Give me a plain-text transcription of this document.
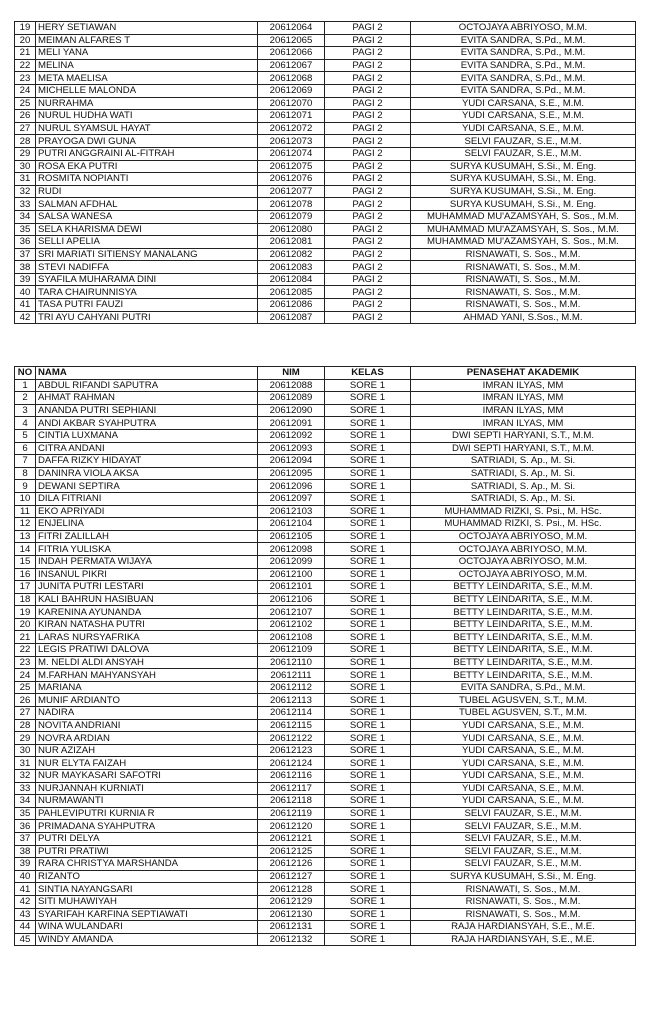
19	HERY SETIAWAN	20612064	PAGI 2	OCTOJAYA ABRIYOSO, M.M.
20	MEIMAN ALFARES T	20612065	PAGI 2	EVITA SANDRA, S.Pd., M.M.
21	MELI YANA	20612066	PAGI 2	EVITA SANDRA, S.Pd., M.M.
22	MELINA	20612067	PAGI 2	EVITA SANDRA, S.Pd., M.M.
23	META MAELISA	20612068	PAGI 2	EVITA SANDRA, S.Pd., M.M.
24	MICHELLE MALONDA	20612069	PAGI 2	EVITA SANDRA, S.Pd., M.M.
25	NURRAHMA	20612070	PAGI 2	YUDI CARSANA, S.E., M.M.
26	NURUL HUDHA WATI	20612071	PAGI 2	YUDI CARSANA, S.E., M.M.
27	NURUL SYAMSUL HAYAT	20612072	PAGI 2	YUDI CARSANA, S.E., M.M.
28	PRAYOGA DWI GUNA	20612073	PAGI 2	SELVI FAUZAR, S.E., M.M.
29	PUTRI ANGGRAINI AL-FITRAH	20612074	PAGI 2	SELVI FAUZAR, S.E., M.M.
30	ROSA EKA PUTRI	20612075	PAGI 2	SURYA KUSUMAH, S.Si., M. Eng.
31	ROSMITA NOPIANTI	20612076	PAGI 2	SURYA KUSUMAH, S.Si., M. Eng.
32	RUDI	20612077	PAGI 2	SURYA KUSUMAH, S.Si., M. Eng.
33	SALMAN AFDHAL	20612078	PAGI 2	SURYA KUSUMAH, S.Si., M. Eng.
34	SALSA WANESA	20612079	PAGI 2	MUHAMMAD MU'AZAMSYAH, S. Sos., M.M.
35	SELA KHARISMA DEWI	20612080	PAGI 2	MUHAMMAD MU'AZAMSYAH, S. Sos., M.M.
36	SELLI APELIA	20612081	PAGI 2	MUHAMMAD MU'AZAMSYAH, S. Sos., M.M.
37	SRI MARIATI SITIENSY MANALANG	20612082	PAGI 2	RISNAWATI, S. Sos., M.M.
38	STEVI NADIFFA	20612083	PAGI 2	RISNAWATI, S. Sos., M.M.
39	SYAFILA MUHARAMA DINI	20612084	PAGI 2	RISNAWATI, S. Sos., M.M.
40	TARA CHAIRUNNISYA	20612085	PAGI 2	RISNAWATI, S. Sos., M.M.
41	TASA PUTRI FAUZI	20612086	PAGI 2	RISNAWATI, S. Sos., M.M.
42	TRI AYU CAHYANI PUTRI	20612087	PAGI 2	AHMAD YANI, S.Sos., M.M.
NO	NAMA	NIM	KELAS	PENASEHAT AKADEMIK
1	ABDUL RIFANDI SAPUTRA	20612088	SORE 1	IMRAN ILYAS, MM
2	AHMAT RAHMAN	20612089	SORE 1	IMRAN ILYAS, MM
3	ANANDA PUTRI SEPHIANI	20612090	SORE 1	IMRAN ILYAS, MM
4	ANDI AKBAR SYAHPUTRA	20612091	SORE 1	IMRAN ILYAS, MM
5	CINTIA LUXMANA	20612092	SORE 1	DWI SEPTI HARYANI, S.T., M.M.
6	CITRA ANDANI	20612093	SORE 1	DWI SEPTI HARYANI, S.T., M.M.
7	DAFFA RIZKY HIDAYAT	20612094	SORE 1	SATRIADI, S. Ap., M. Si.
8	DANINRA VIOLA AKSA	20612095	SORE 1	SATRIADI, S. Ap., M. Si.
9	DEWANI SEPTIRA	20612096	SORE 1	SATRIADI, S. Ap., M. Si.
10	DILA FITRIANI	20612097	SORE 1	SATRIADI, S. Ap., M. Si.
11	EKO APRIYADI	20612103	SORE 1	MUHAMMAD RIZKI, S. Psi., M. HSc.
12	ENJELINA	20612104	SORE 1	MUHAMMAD RIZKI, S. Psi., M. HSc.
13	FITRI ZALILLAH	20612105	SORE 1	OCTOJAYA ABRIYOSO, M.M.
14	FITRIA YULISKA	20612098	SORE 1	OCTOJAYA ABRIYOSO, M.M.
15	INDAH PERMATA WIJAYA	20612099	SORE 1	OCTOJAYA ABRIYOSO, M.M.
16	INSANUL PIKRI	20612100	SORE 1	OCTOJAYA ABRIYOSO, M.M.
17	JUNITA PUTRI LESTARI	20612101	SORE 1	BETTY LEINDARITA, S.E., M.M.
18	KALI BAHRUN HASIBUAN	20612106	SORE 1	BETTY LEINDARITA, S.E., M.M.
19	KARENINA AYUNANDA	20612107	SORE 1	BETTY LEINDARITA, S.E., M.M.
20	KIRAN NATASHA PUTRI	20612102	SORE 1	BETTY LEINDARITA, S.E., M.M.
21	LARAS NURSYAFRIKA	20612108	SORE 1	BETTY LEINDARITA, S.E., M.M.
22	LEGIS PRATIWI DALOVA	20612109	SORE 1	BETTY LEINDARITA, S.E., M.M.
23	M. NELDI ALDI ANSYAH	20612110	SORE 1	BETTY LEINDARITA, S.E., M.M.
24	M.FARHAN MAHYANSYAH	20612111	SORE 1	BETTY LEINDARITA, S.E., M.M.
25	MARIANA	20612112	SORE 1	EVITA SANDRA, S.Pd., M.M.
26	MUNIF ARDIANTO	20612113	SORE 1	TUBEL AGUSVEN, S.T., M.M.
27	NADIRA	20612114	SORE 1	TUBEL AGUSVEN, S.T., M.M.
28	NOVITA ANDRIANI	20612115	SORE 1	YUDI CARSANA, S.E., M.M.
29	NOVRA ARDIAN	20612122	SORE 1	YUDI CARSANA, S.E., M.M.
30	NUR AZIZAH	20612123	SORE 1	YUDI CARSANA, S.E., M.M.
31	NUR ELYTA FAIZAH	20612124	SORE 1	YUDI CARSANA, S.E., M.M.
32	NUR MAYKASARI SAFOTRI	20612116	SORE 1	YUDI CARSANA, S.E., M.M.
33	NURJANNAH KURNIATI	20612117	SORE 1	YUDI CARSANA, S.E., M.M.
34	NURMAWANTI	20612118	SORE 1	YUDI CARSANA, S.E., M.M.
35	PAHLEVIPUTRI KURNIA R	20612119	SORE 1	SELVI FAUZAR, S.E., M.M.
36	PRIMADANA SYAHPUTRA	20612120	SORE 1	SELVI FAUZAR, S.E., M.M.
37	PUTRI DELYA	20612121	SORE 1	SELVI FAUZAR, S.E., M.M.
38	PUTRI PRATIWI	20612125	SORE 1	SELVI FAUZAR, S.E., M.M.
39	RARA CHRISTYA MARSHANDA	20612126	SORE 1	SELVI FAUZAR, S.E., M.M.
40	RIZANTO	20612127	SORE 1	SURYA KUSUMAH, S.Si., M. Eng.
41	SINTIA NAYANGSARI	20612128	SORE 1	RISNAWATI, S. Sos., M.M.
42	SITI MUHAWIYAH	20612129	SORE 1	RISNAWATI, S. Sos., M.M.
43	SYARIFAH KARFINA SEPTIAWATI	20612130	SORE 1	RISNAWATI, S. Sos., M.M.
44	WINA WULANDARI	20612131	SORE 1	RAJA HARDIANSYAH, S.E., M.E.
45	WINDY AMANDA	20612132	SORE 1	RAJA HARDIANSYAH, S.E., M.E.
